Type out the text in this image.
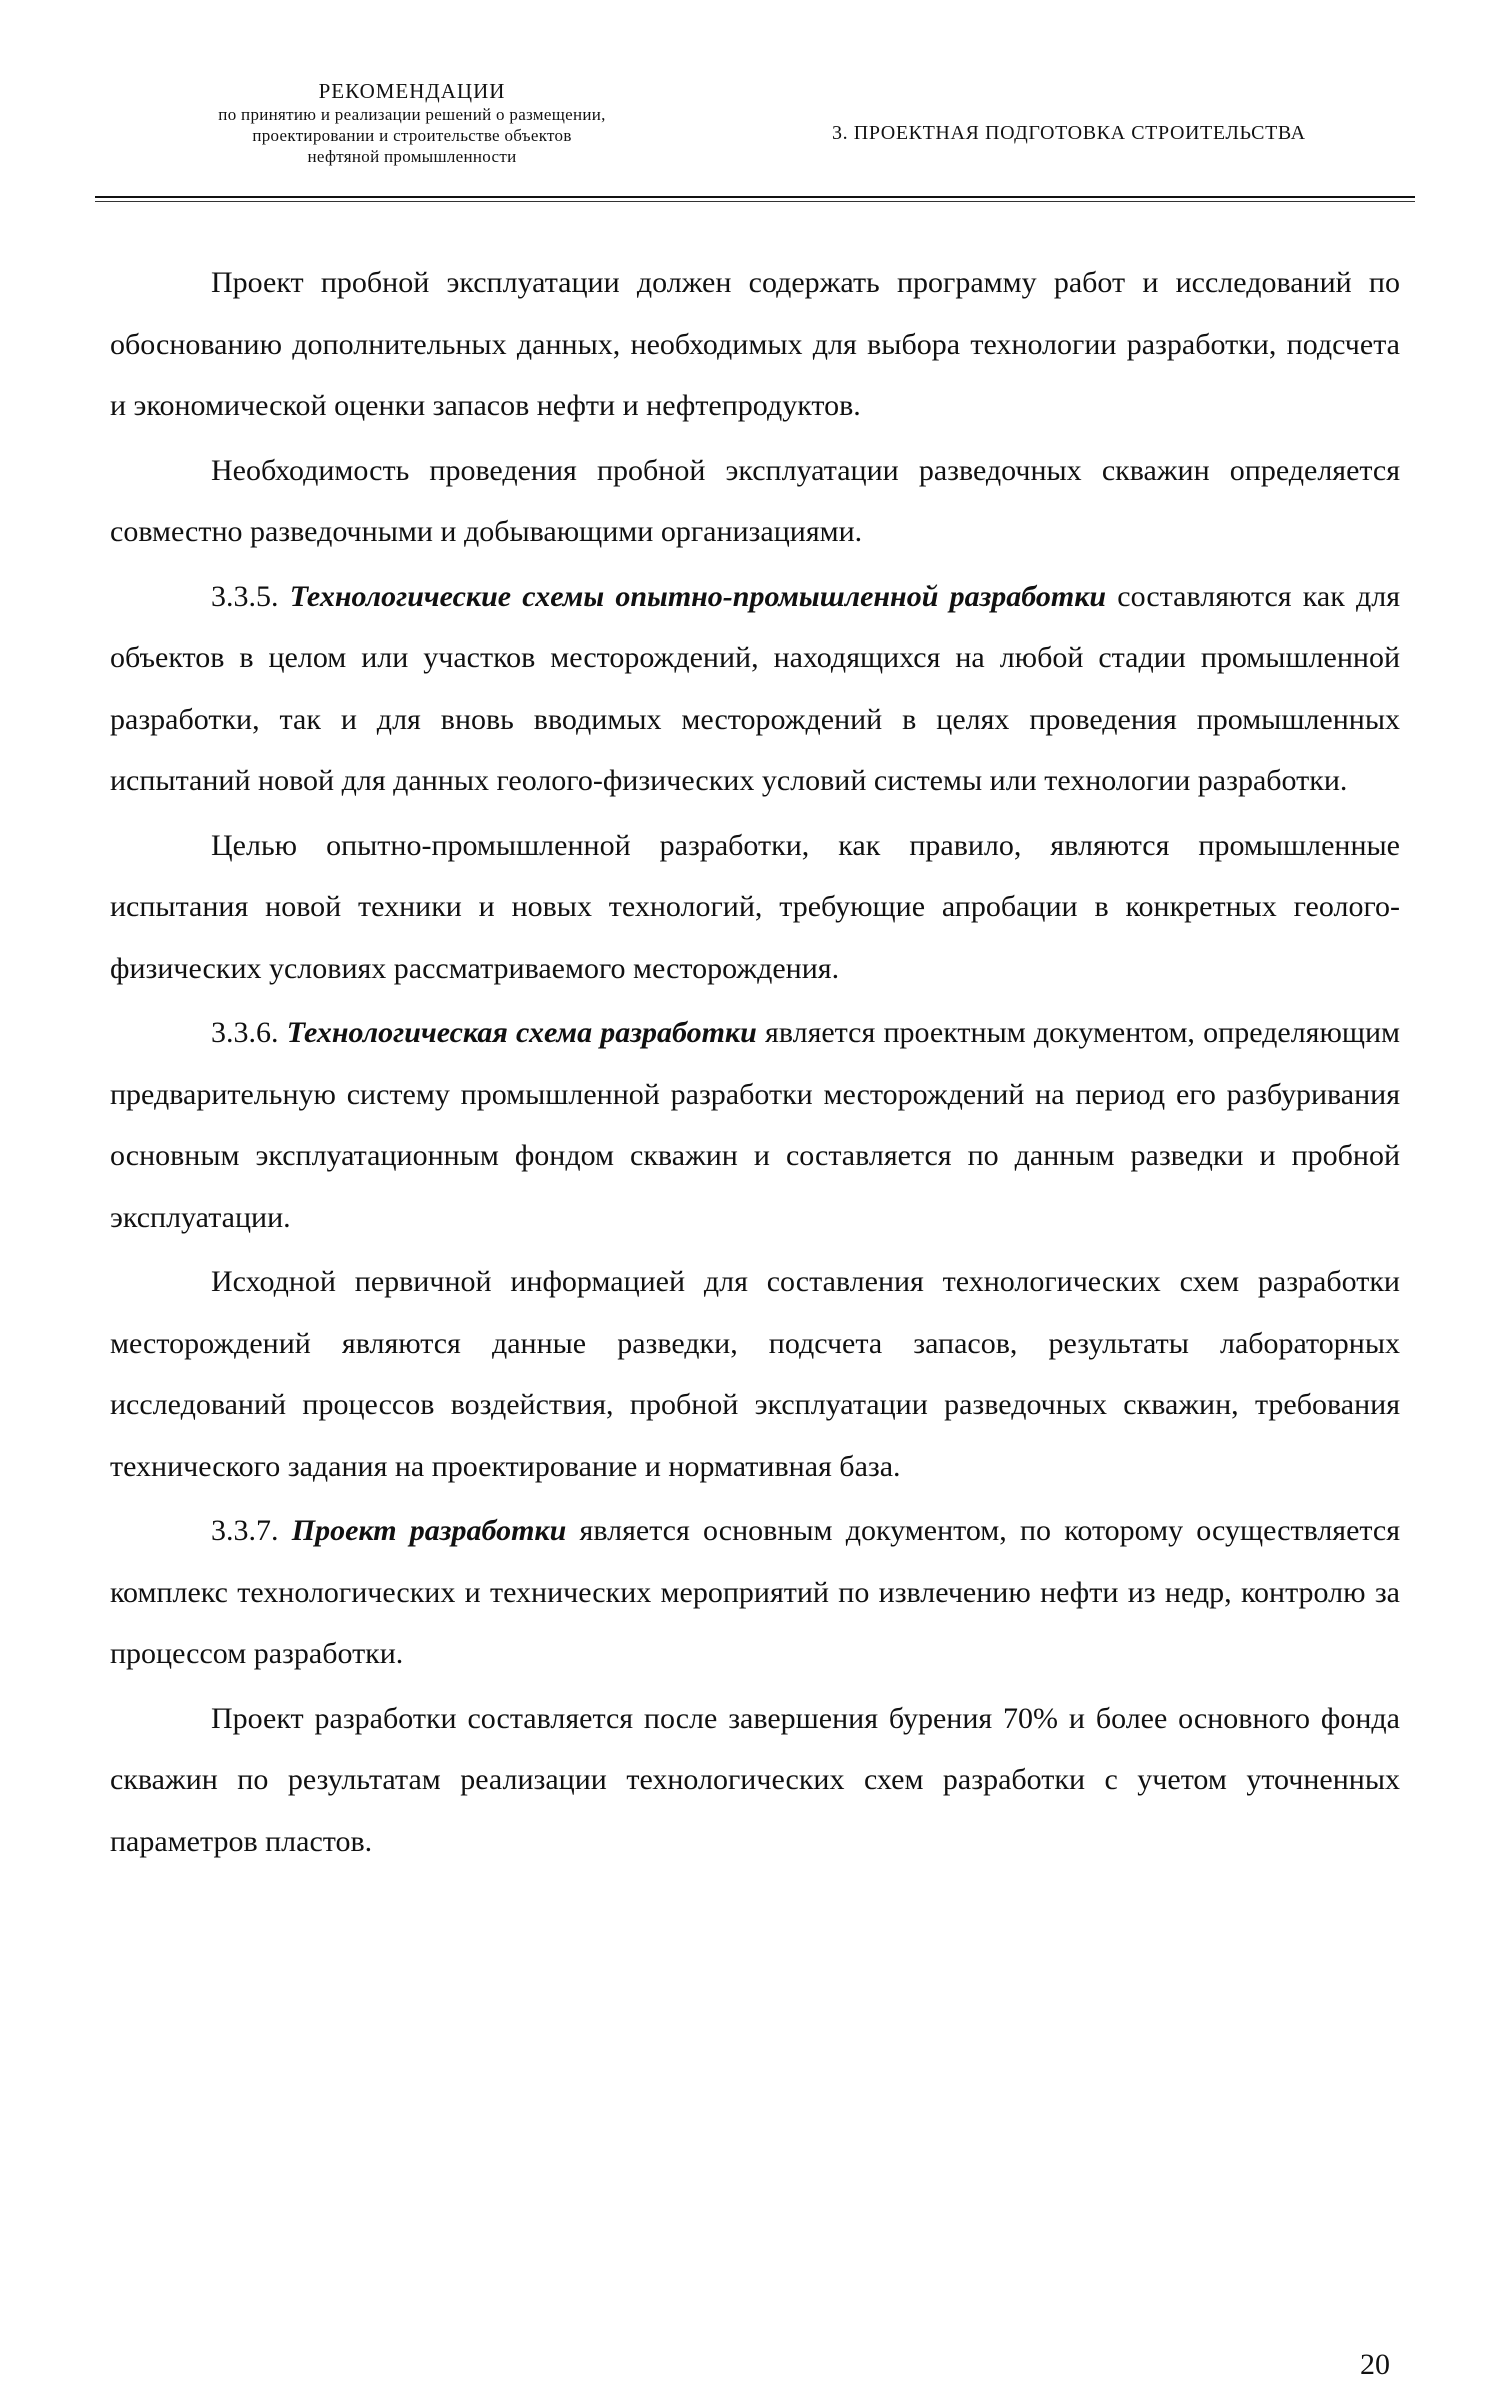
РЕКОМЕНДАЦИИ
по принятию и реализации решений о размещении,
проектировании и строительстве объектов
нефтяной промышленности
3. ПРОЕКТНАЯ ПОДГОТОВКА СТРОИТЕЛЬСТВА

Проект пробной эксплуатации должен содержать программу работ и исследований по обоснованию дополнительных данных, необходимых для выбора технологии разработки, подсчета и экономической оценки запасов нефти и нефтепродуктов.

Необходимость проведения пробной эксплуатации разведочных скважин определяется совместно разведочными и добывающими организациями.

3.3.5. Технологические схемы опытно-промышленной разработки составляются как для объектов в целом или участков месторождений, находящихся на любой стадии промышленной разработки, так и для вновь вводимых месторождений в целях проведения промышленных испытаний новой для данных геолого-физических условий системы или технологии разработки.

Целью опытно-промышленной разработки, как правило, являются промышленные испытания новой техники и новых технологий, требующие апробации в конкретных геолого-физических условиях рассматриваемого месторождения.

3.3.6. Технологическая схема разработки является проектным документом, определяющим предварительную систему промышленной разработки месторождений на период его разбуривания основным эксплуатационным фондом скважин и составляется по данным разведки и пробной эксплуатации.

Исходной первичной информацией для составления технологических схем разработки месторождений являются данные разведки, подсчета запасов, результаты лабораторных исследований процессов воздействия, пробной эксплуатации разведочных скважин, требования технического задания на проектирование и нормативная база.

3.3.7. Проект разработки является основным документом, по которому осуществляется комплекс технологических и технических мероприятий по извлечению нефти из недр, контролю за процессом разработки.

Проект разработки составляется после завершения бурения 70% и более основного фонда скважин по результатам реализации технологических схем разработки с учетом уточненных параметров пластов.

20
